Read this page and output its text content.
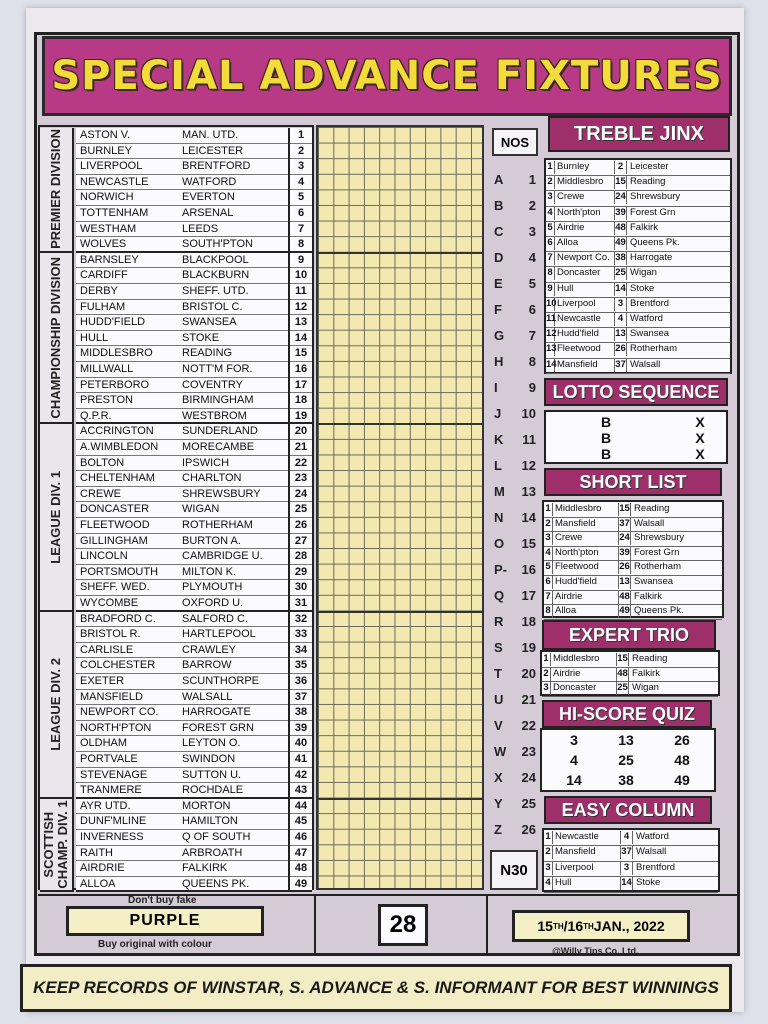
SPECIAL ADVANCE FIXTURES
PREMIER DIVISION
CHAMPIONSHIP DIVISION
LEAGUE DIV. 1
LEAGUE DIV. 2
SCOTTISH CHAMP. DIV. 1
ASTON V.	MAN. UTD.	1
BURNLEY	LEICESTER	2
LIVERPOOL	BRENTFORD	3
NEWCASTLE	WATFORD	4
NORWICH	EVERTON	5
TOTTENHAM	ARSENAL	6
WESTHAM	LEEDS	7
WOLVES	SOUTH'PTON	8
BARNSLEY	BLACKPOOL	9
CARDIFF	BLACKBURN	10
DERBY	SHEFF. UTD.	11
FULHAM	BRISTOL C.	12
HUDD'FIELD	SWANSEA	13
HULL	STOKE	14
MIDDLESBRO	READING	15
MILLWALL	NOTT'M FOR.	16
PETERBORO	COVENTRY	17
PRESTON	BIRMINGHAM	18
Q.P.R.	WESTBROM	19
ACCRINGTON	SUNDERLAND	20
A.WIMBLEDON	MORECAMBE	21
BOLTON	IPSWICH	22
CHELTENHAM	CHARLTON	23
CREWE	SHREWSBURY	24
DONCASTER	WIGAN	25
FLEETWOOD	ROTHERHAM	26
GILLINGHAM	BURTON A.	27
LINCOLN	CAMBRIDGE U.	28
PORTSMOUTH	MILTON K.	29
SHEFF. WED.	PLYMOUTH	30
WYCOMBE	OXFORD U.	31
BRADFORD C.	SALFORD C.	32
BRISTOL R.	HARTLEPOOL	33
CARLISLE	CRAWLEY	34
COLCHESTER	BARROW	35
EXETER	SCUNTHORPE	36
MANSFIELD	WALSALL	37
NEWPORT CO.	HARROGATE	38
NORTH'PTON	FOREST GRN	39
OLDHAM	LEYTON O.	40
PORTVALE	SWINDON	41
STEVENAGE	SUTTON U.	42
TRANMERE	ROCHDALE	43
AYR UTD.	MORTON	44
DUNF'MLINE	HAMILTON	45
INVERNESS	Q OF SOUTH	46
RAITH	ARBROATH	47
AIRDRIE	FALKIRK	48
ALLOA	QUEENS PK.	49
NOS
A 1
B 2
C 3
D 4
E 5
F 6
G 7
H 8
I 9
J 10
K 11
L 12
M 13
N 14
O 15
P- 16
Q 17
R 18
S 19
T 20
U 21
V 22
W 23
X 24
Y 25
Z 26
N30
TREBLE JINX
1 Burnley	2 Leicester
2 Middlesbro 15 Reading
3 Crewe	24 Shrewsbury
4 North'pton 39 Forest Grn
5 Airdrie	48 Falkirk
6 Alloa	49 Queens Pk.
7 Newport Co. 38 Harrogate
8 Doncaster 25 Wigan
9 Hull	14 Stoke
10 Liverpool	3 Brentford
11 Newcastle	4 Watford
12 Hudd'field 13 Swansea
13 Fleetwood 26 Rotherham
14 Mansfield 37 Walsall
LOTTO SEQUENCE
B	X
B	X
B	X
SHORT LIST
1 Middlesbro 15 Reading
2 Mansfield 37 Walsall
3 Crewe	24 Shrewsbury
4 North'pton 39 Forest Grn
5 Fleetwood 26 Rotherham
6 Hudd'field 13 Swansea
7 Airdrie	48 Falkirk
8 Alloa	49 Queens Pk.
EXPERT TRIO
1 Middlesbro 15 Reading
2 Airdrie	48 Falkirk
3 Doncaster 25 Wigan
HI-SCORE QUIZ
3	13	26
4	25	48
14	38	49
EASY COLUMN
1 Newcastle	4 Watford
2 Mansfield	37 Walsall
3 Liverpool	3 Brentford
4 Hull	14 Stoke
Don't buy fake
PURPLE
Buy original with colour
28	15 TH /16 TH JAN., 2022
@Willy Tips Co. Ltd.
KEEP RECORDS OF WINSTAR, S. ADVANCE & S. INFORMANT FOR BEST WINNINGS
